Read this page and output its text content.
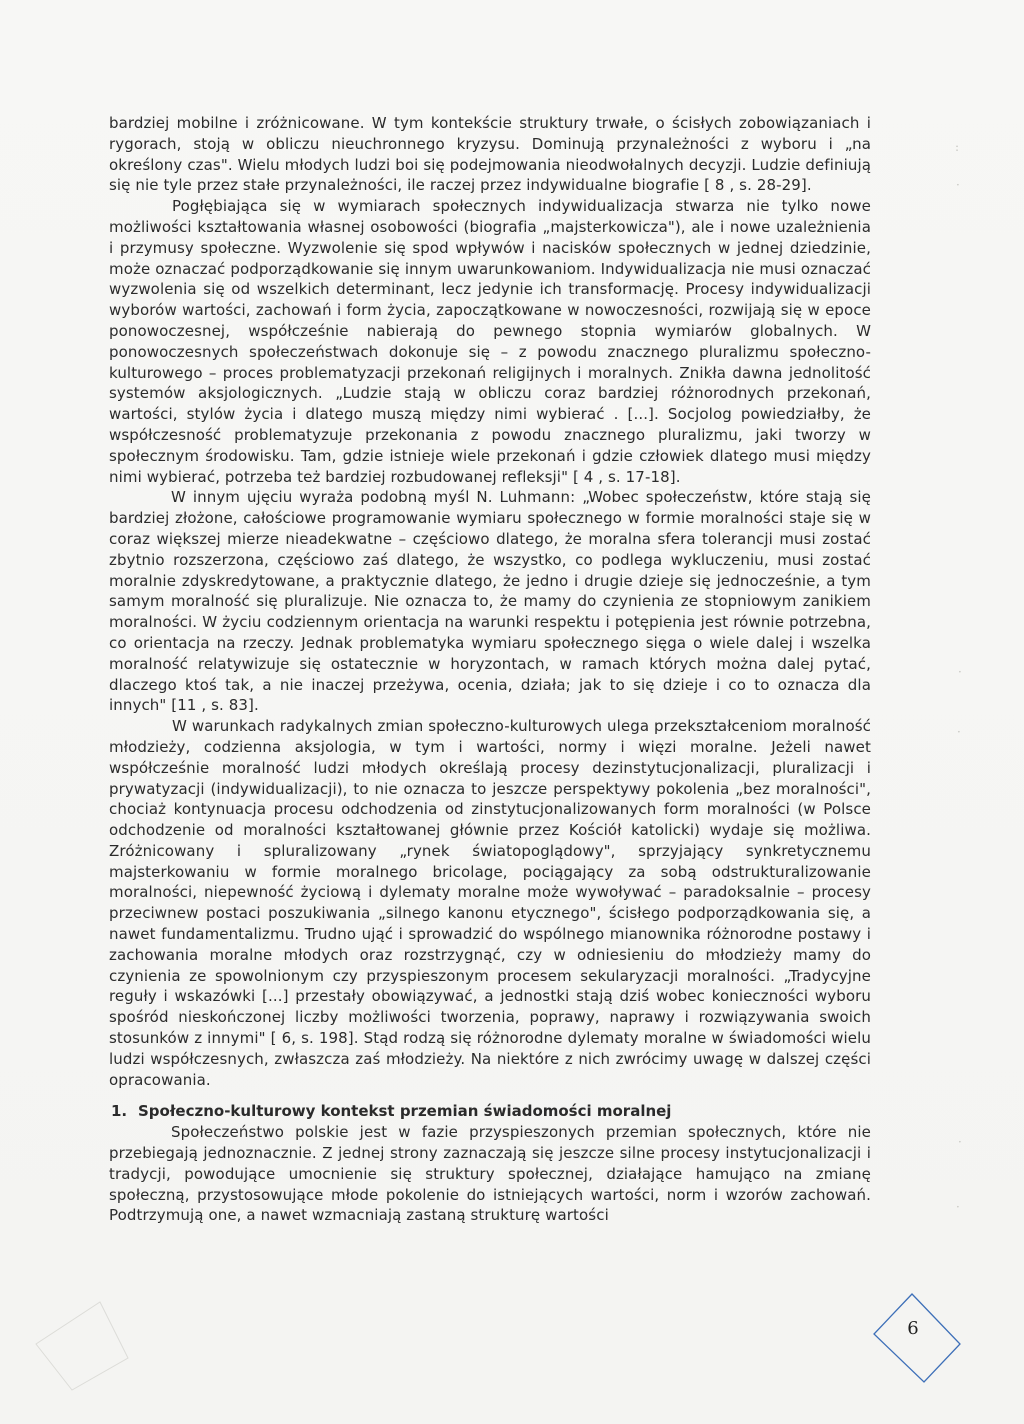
bardziej mobilne i zróżnicowane. W tym kontekście struktury trwałe, o ścisłych zobowiązaniach i rygorach, stoją w obliczu nieuchronnego kryzysu. Dominują przynależności z wyboru i „na określony czas". Wielu młodych ludzi boi się podejmowania nieodwołalnych decyzji. Ludzie definiują się nie tyle przez stałe przynależności, ile raczej przez indywidualne biografie [ 8 , s. 28-29].

Pogłębiająca się w wymiarach społecznych indywidualizacja stwarza nie tylko nowe możliwości kształtowania własnej osobowości (biografia „majsterkowicza"), ale i nowe uzależnienia i przymusy społeczne. Wyzwolenie się spod wpływów i nacisków społecznych w jednej dziedzinie, może oznaczać podporządkowanie się innym uwarunkowaniom. Indywidualizacja nie musi oznaczać wyzwolenia się od wszelkich determinant, lecz jedynie ich transformację. Procesy indywidualizacji wyborów wartości, zachowań i form życia, zapoczątkowane w nowoczesności, rozwijają się w epoce ponowoczesnej, współcześnie nabierają do pewnego stopnia wymiarów globalnych. W ponowoczesnych społeczeństwach dokonuje się – z powodu znacznego pluralizmu społeczno-kulturowego – proces problematyzacji przekonań religijnych i moralnych. Znikła dawna jednolitość systemów aksjologicznych. „Ludzie stają w obliczu coraz bardziej różnorodnych przekonań, wartości, stylów życia i dlatego muszą między nimi wybierać . [...]. Socjolog powiedziałby, że współczesność problematyzuje przekonania z powodu znacznego pluralizmu, jaki tworzy w społecznym środowisku. Tam, gdzie istnieje wiele przekonań i gdzie człowiek dlatego musi między nimi wybierać, potrzeba też bardziej rozbudowanej refleksji" [ 4 , s. 17-18].

W innym ujęciu wyraża podobną myśl N. Luhmann: „Wobec społeczeństw, które stają się bardziej złożone, całościowe programowanie wymiaru społecznego w formie moralności staje się w coraz większej mierze nieadekwatne – częściowo dlatego, że moralna sfera tolerancji musi zostać zbytnio rozszerzona, częściowo zaś dlatego, że wszystko, co podlega wykluczeniu, musi zostać moralnie zdyskredytowane, a praktycznie dlatego, że jedno i drugie dzieje się jednocześnie, a tym samym moralność się pluralizuje. Nie oznacza to, że mamy do czynienia ze stopniowym zanikiem moralności. W życiu codziennym orientacja na warunki respektu i potępienia jest równie potrzebna, co orientacja na rzeczy. Jednak problematyka wymiaru społecznego sięga o wiele dalej i wszelka moralność relatywizuje się ostatecznie w horyzontach, w ramach których można dalej pytać, dlaczego ktoś tak, a nie inaczej przeżywa, ocenia, działa; jak to się dzieje i co to oznacza dla innych" [11 , s. 83].

W warunkach radykalnych zmian społeczno-kulturowych ulega przekształceniom moralność młodzieży, codzienna aksjologia, w tym i wartości, normy i więzi moralne. Jeżeli nawet współcześnie moralność ludzi młodych określają procesy dezinstytucjonalizacji, pluralizacji i prywatyzacji (indywidualizacji), to nie oznacza to jeszcze perspektywy pokolenia „bez moralności", chociaż kontynuacja procesu odchodzenia od zinstytucjonalizowanych form moralności (w Polsce odchodzenie od moralności kształtowanej głównie przez Kościół katolicki) wydaje się możliwa. Zróżnicowany i spluralizowany „rynek światopoglądowy", sprzyjający synkretycznemu majsterkowaniu w formie moralnego bricolage, pociągający za sobą odstrukturalizowanie moralności, niepewność życiową i dylematy moralne może wywoływać – paradoksalnie – procesy przeciwnew postaci poszukiwania „silnego kanonu etycznego", ścisłego podporządkowania się, a nawet fundamentalizmu. Trudno ująć i sprowadzić do wspólnego mianownika różnorodne postawy i zachowania moralne młodych oraz rozstrzygnąć, czy w odniesieniu do młodzieży mamy do czynienia ze spowolnionym czy przyspieszonym procesem sekularyzacji moralności. „Tradycyjne reguły i wskazówki [...] przestały obowiązywać, a jednostki stają dziś wobec konieczności wyboru spośród nieskończonej liczby możliwości tworzenia, poprawy, naprawy i rozwiązywania swoich stosunków z innymi" [ 6, s. 198]. Stąd rodzą się różnorodne dylematy moralne w świadomości wielu ludzi współczesnych, zwłaszcza zaś młodzieży. Na niektóre z nich zwrócimy uwagę w dalszej części opracowania.

1. Społeczno-kulturowy kontekst przemian świadomości moralnej

Społeczeństwo polskie jest w fazie przyspieszonych przemian społecznych, które nie przebiegają jednoznacznie. Z jednej strony zaznaczają się jeszcze silne procesy instytucjonalizacji i tradycji, powodujące umocnienie się struktury społecznej, działające hamująco na zmianę społeczną, przystosowujące młode pokolenie do istniejących wartości, norm i wzorów zachowań. Podtrzymują one, a nawet wzmacniają zastaną strukturę wartości

:
·
·
·
·
·
6
